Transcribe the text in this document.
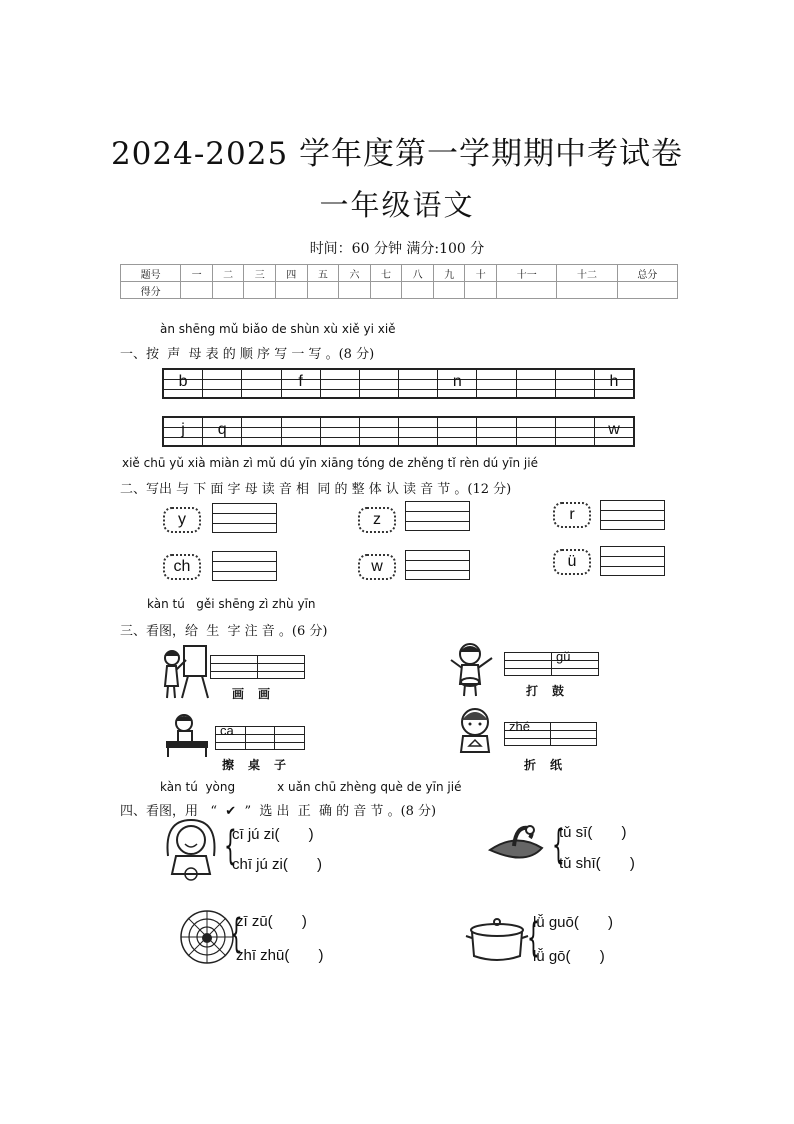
2024-2025 学年度第一学期期中考试卷
一年级语文
时间：60 分钟 满分:100 分
题号	一	二	三	四	五	六	七	八	九	十	十一	十二	总分
得分													
àn shēng mǔ biǎo de shùn xù xiě yi xiě
一、按  声  母 表 的 顺 序 写 一 写 。(8 分)
b	f	n	h
j	q	w
xiě chū yǔ xià miàn zì mǔ dú yīn xiāng tóng de zhěng tǐ rèn dú yīn jié
二、写出 与 下 面 字 母 读 音 相  同 的 整 体 认 读 音 节 。(12 分)
y	z	r
ch	w	ü
kàn tú   gěi shēng zì zhù yīn
三、看图，给  生  字 注 音 。(6 分)
画画
gǔ
打鼓
cā
擦桌子
zhé
折纸
kàn tú  yòng           x uǎn chū zhèng què de yīn jié
四、看图，用   “  ✔  ”  选 出  正  确 的 音 节 。(8 分)
{
cī jú zi(       )
chī jú zi(       )	{
tǔ sī(       )
tǔ shī(       )
{
zī zū(       )
zhī zhū(       )	{
lǚ guō(       )
lǚ gō(       )
